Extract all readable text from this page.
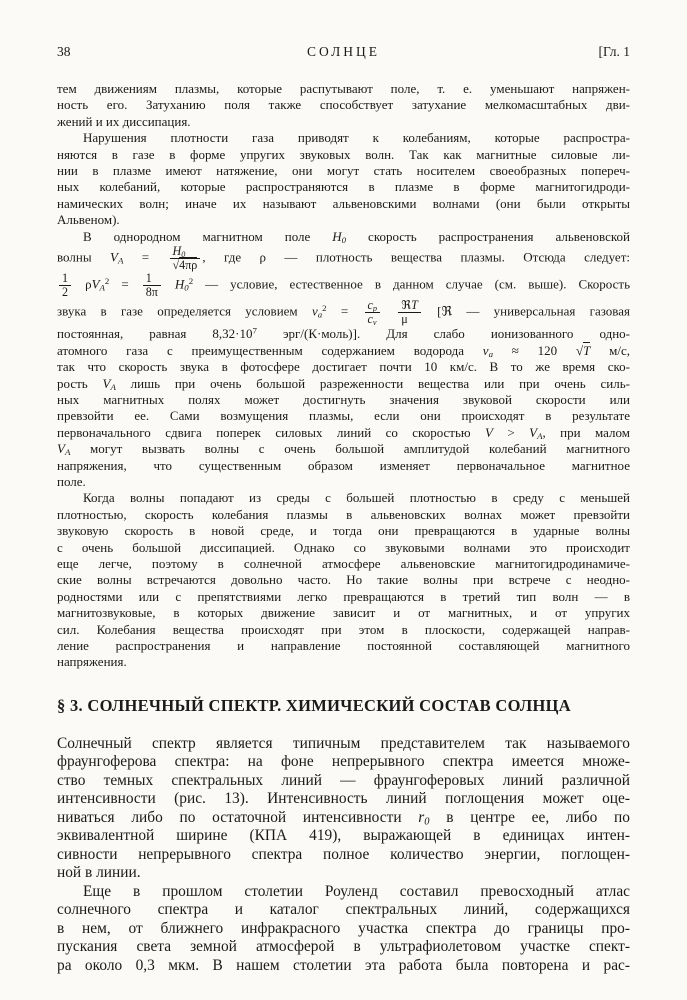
38	СОЛНЦЕ	[Гл. 1
тем движениям плазмы, которые распутывают поле, т. е. уменьшают напряжен-
ность его. Затуханию поля также способствует затухание мелкомасштабных дви-
жений и их диссипация.
Нарушения плотности газа приводят к колебаниям, которые распростра-
няются в газе в форме упругих звуковых волн. Так как магнитные силовые ли-
нии в плазме имеют натяжение, они могут стать носителем своеобразных попереч-
ных колебаний, которые распространяются в плазме в форме магнитогидроди-
намических волн; иначе их называют альвеновскими волнами (они были открыты
Альвеном).
В однородном магнитном поле $H_0$ скорость распространения альвеновской
волны $V_A = \frac{H_0}{√4\pi\rho}$ , где ρ — плотность вещества плазмы. Отсюда следует:
$\frac{1}{2} \rho V_A^2 = \frac{1}{8\pi} H_0^2$ — условие, естественное в данном случае (см. выше). Скорость
звука в газе определяется условием $v_a^2 = \frac{c_p}{c_v}$
$\frac{\text{ℜT}}{\mu}$ [ℜ — универсальная газовая
постоянная, равная $8,32\cdot 10^7$ эрг/(К·моль)]. Для слабо ионизованного одно-
атомного газа с преимущественным содержанием водорода $v_a \approx 120$ √T м/с,
так что скорость звука в фотосфере достигает почти 10 км/с. В то же время ско-
рость $V_A$ лишь при очень большой разреженности вещества или при очень силь-
ных магнитных полях может достигнуть значения звуковой скорости или
превзойти ее. Сами возмущения плазмы, если они происходят в результате
первоначального сдвига поперек силовых линий со скоростью $V > V_A$, при малом
$V_A$ могут вызвать волны с очень большой амплитудой колебаний магнитного
напряжения, что существенным образом изменяет первоначальное магнитное
поле.
Когда волны попадают из среды с большей плотностью в среду с меньшей
плотностью, скорость колебания плазмы в альвеновских волнах может превзойти
звуковую скорость в новой среде, и тогда они превращаются в ударные волны
с очень большой диссипацией. Однако со звуковыми волнами это происходит
еще легче, поэтому в солнечной атмосфере альвеновские магнитогидродинамиче-
ские волны встречаются довольно часто. Но такие волны при встрече с неодно-
родностями или с препятствиями легко превращаются в третий тип волн — в
магнитозвуковые, в которых движение зависит и от магнитных, и от упругих
сил. Колебания вещества происходят при этом в плоскости, содержащей направ-
ление распространения и направление постоянной составляющей магнитного
напряжения.
§ 3. СОЛНЕЧНЫЙ СПЕКТР. ХИМИЧЕСКИЙ СОСТАВ СОЛНЦА
Солнечный спектр является типичным представителем так называемого
фраунгоферова спектра: на фоне непрерывного спектра имеется множе-
ство темных спектральных линий — фраунгоферовых линий различной
интенсивности (рис. 13). Интенсивность линий поглощения может оце-
ниваться либо по остаточной интенсивности $r_0$ в центре ее, либо по
эквивалентной ширине (КПА 419), выражающей в единицах интен-
сивности непрерывного спектра полное количество энергии, поглощен-
ной в линии.
Еще в прошлом столетии Роуленд составил превосходный атлас
солнечного спектра и каталог спектральных линий, содержащихся
в нем, от ближнего инфракрасного участка спектра до границы про-
пускания света земной атмосферой в ультрафиолетовом участке спект-
ра около 0,3 мкм. В нашем столетии эта работа была повторена и рас-
